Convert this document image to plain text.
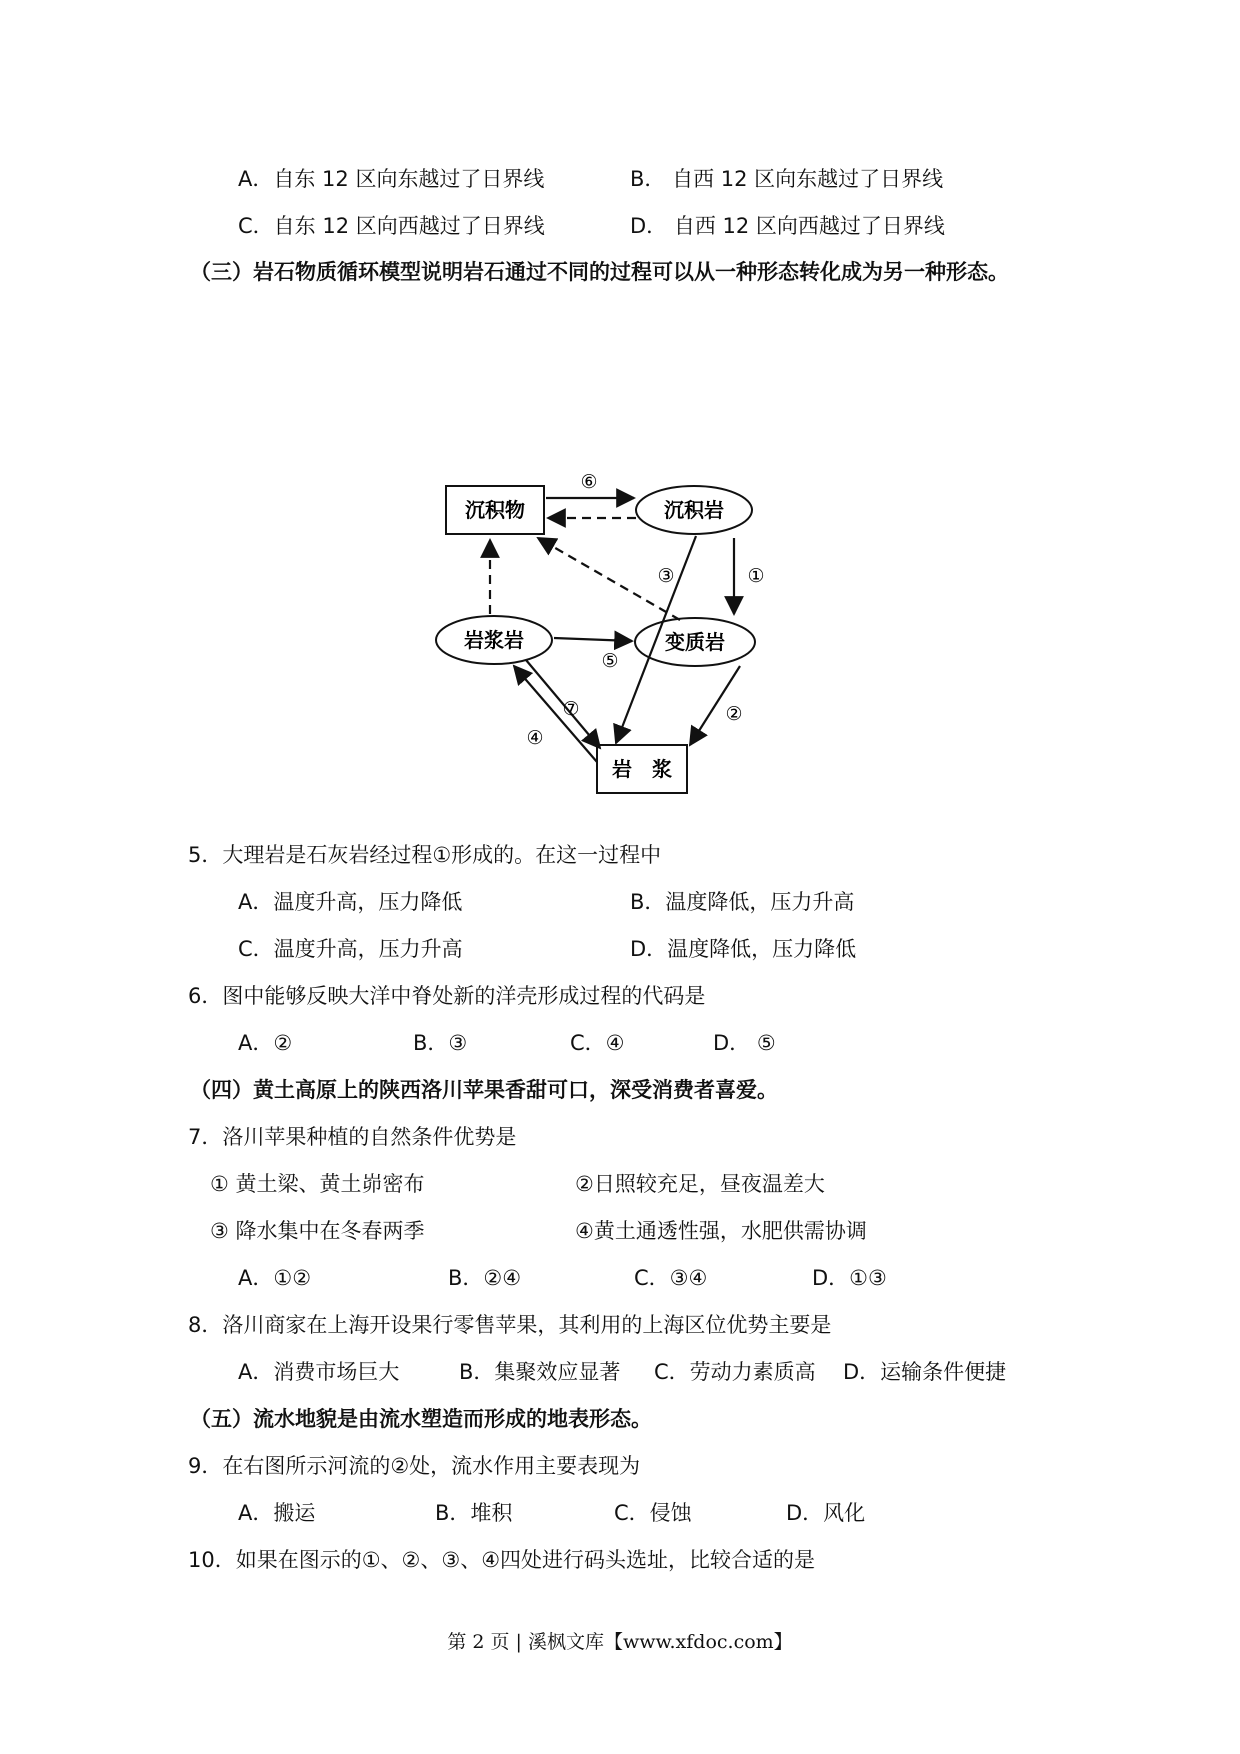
A．自东 12 区向东越过了日界线	B． 自西 12 区向东越过了日界线
C．自东 12 区向西越过了日界线	D． 自西 12 区向西越过了日界线
（三）岩石物质循环模型说明岩石通过不同的过程可以从一种形态转化成为另一种形态。
沉积物	沉积岩
岩浆岩	变质岩
岩　浆
⑥
①
③
⑤
②
⑦
④
5．大理岩是石灰岩经过程①形成的。在这一过程中
A．温度升高，压力降低	B．温度降低，压力升高
C．温度升高，压力升高	D．温度降低，压力降低
6．图中能够反映大洋中脊处新的洋壳形成过程的代码是
A．②	B．③	C．④	D． ⑤
（四）黄土高原上的陕西洛川苹果香甜可口，深受消费者喜爱。
7．洛川苹果种植的自然条件优势是
① 黄土梁、黄土峁密布	②日照较充足，昼夜温差大
③ 降水集中在冬春两季	④黄土通透性强，水肥供需协调
A．①②	B．②④	C．③④	D．①③
8．洛川商家在上海开设果行零售苹果，其利用的上海区位优势主要是
A．消费市场巨大	B．集聚效应显著 C．劳动力素质高 D．运输条件便捷
（五）流水地貌是由流水塑造而形成的地表形态。
9．在右图所示河流的②处，流水作用主要表现为
A．搬运	B．堆积	C．侵蚀	D．风化
10．如果在图示的①、②、③、④四处进行码头选址，比较合适的是
第 2 页 | 溪枫文库【www.xfdoc.com】
